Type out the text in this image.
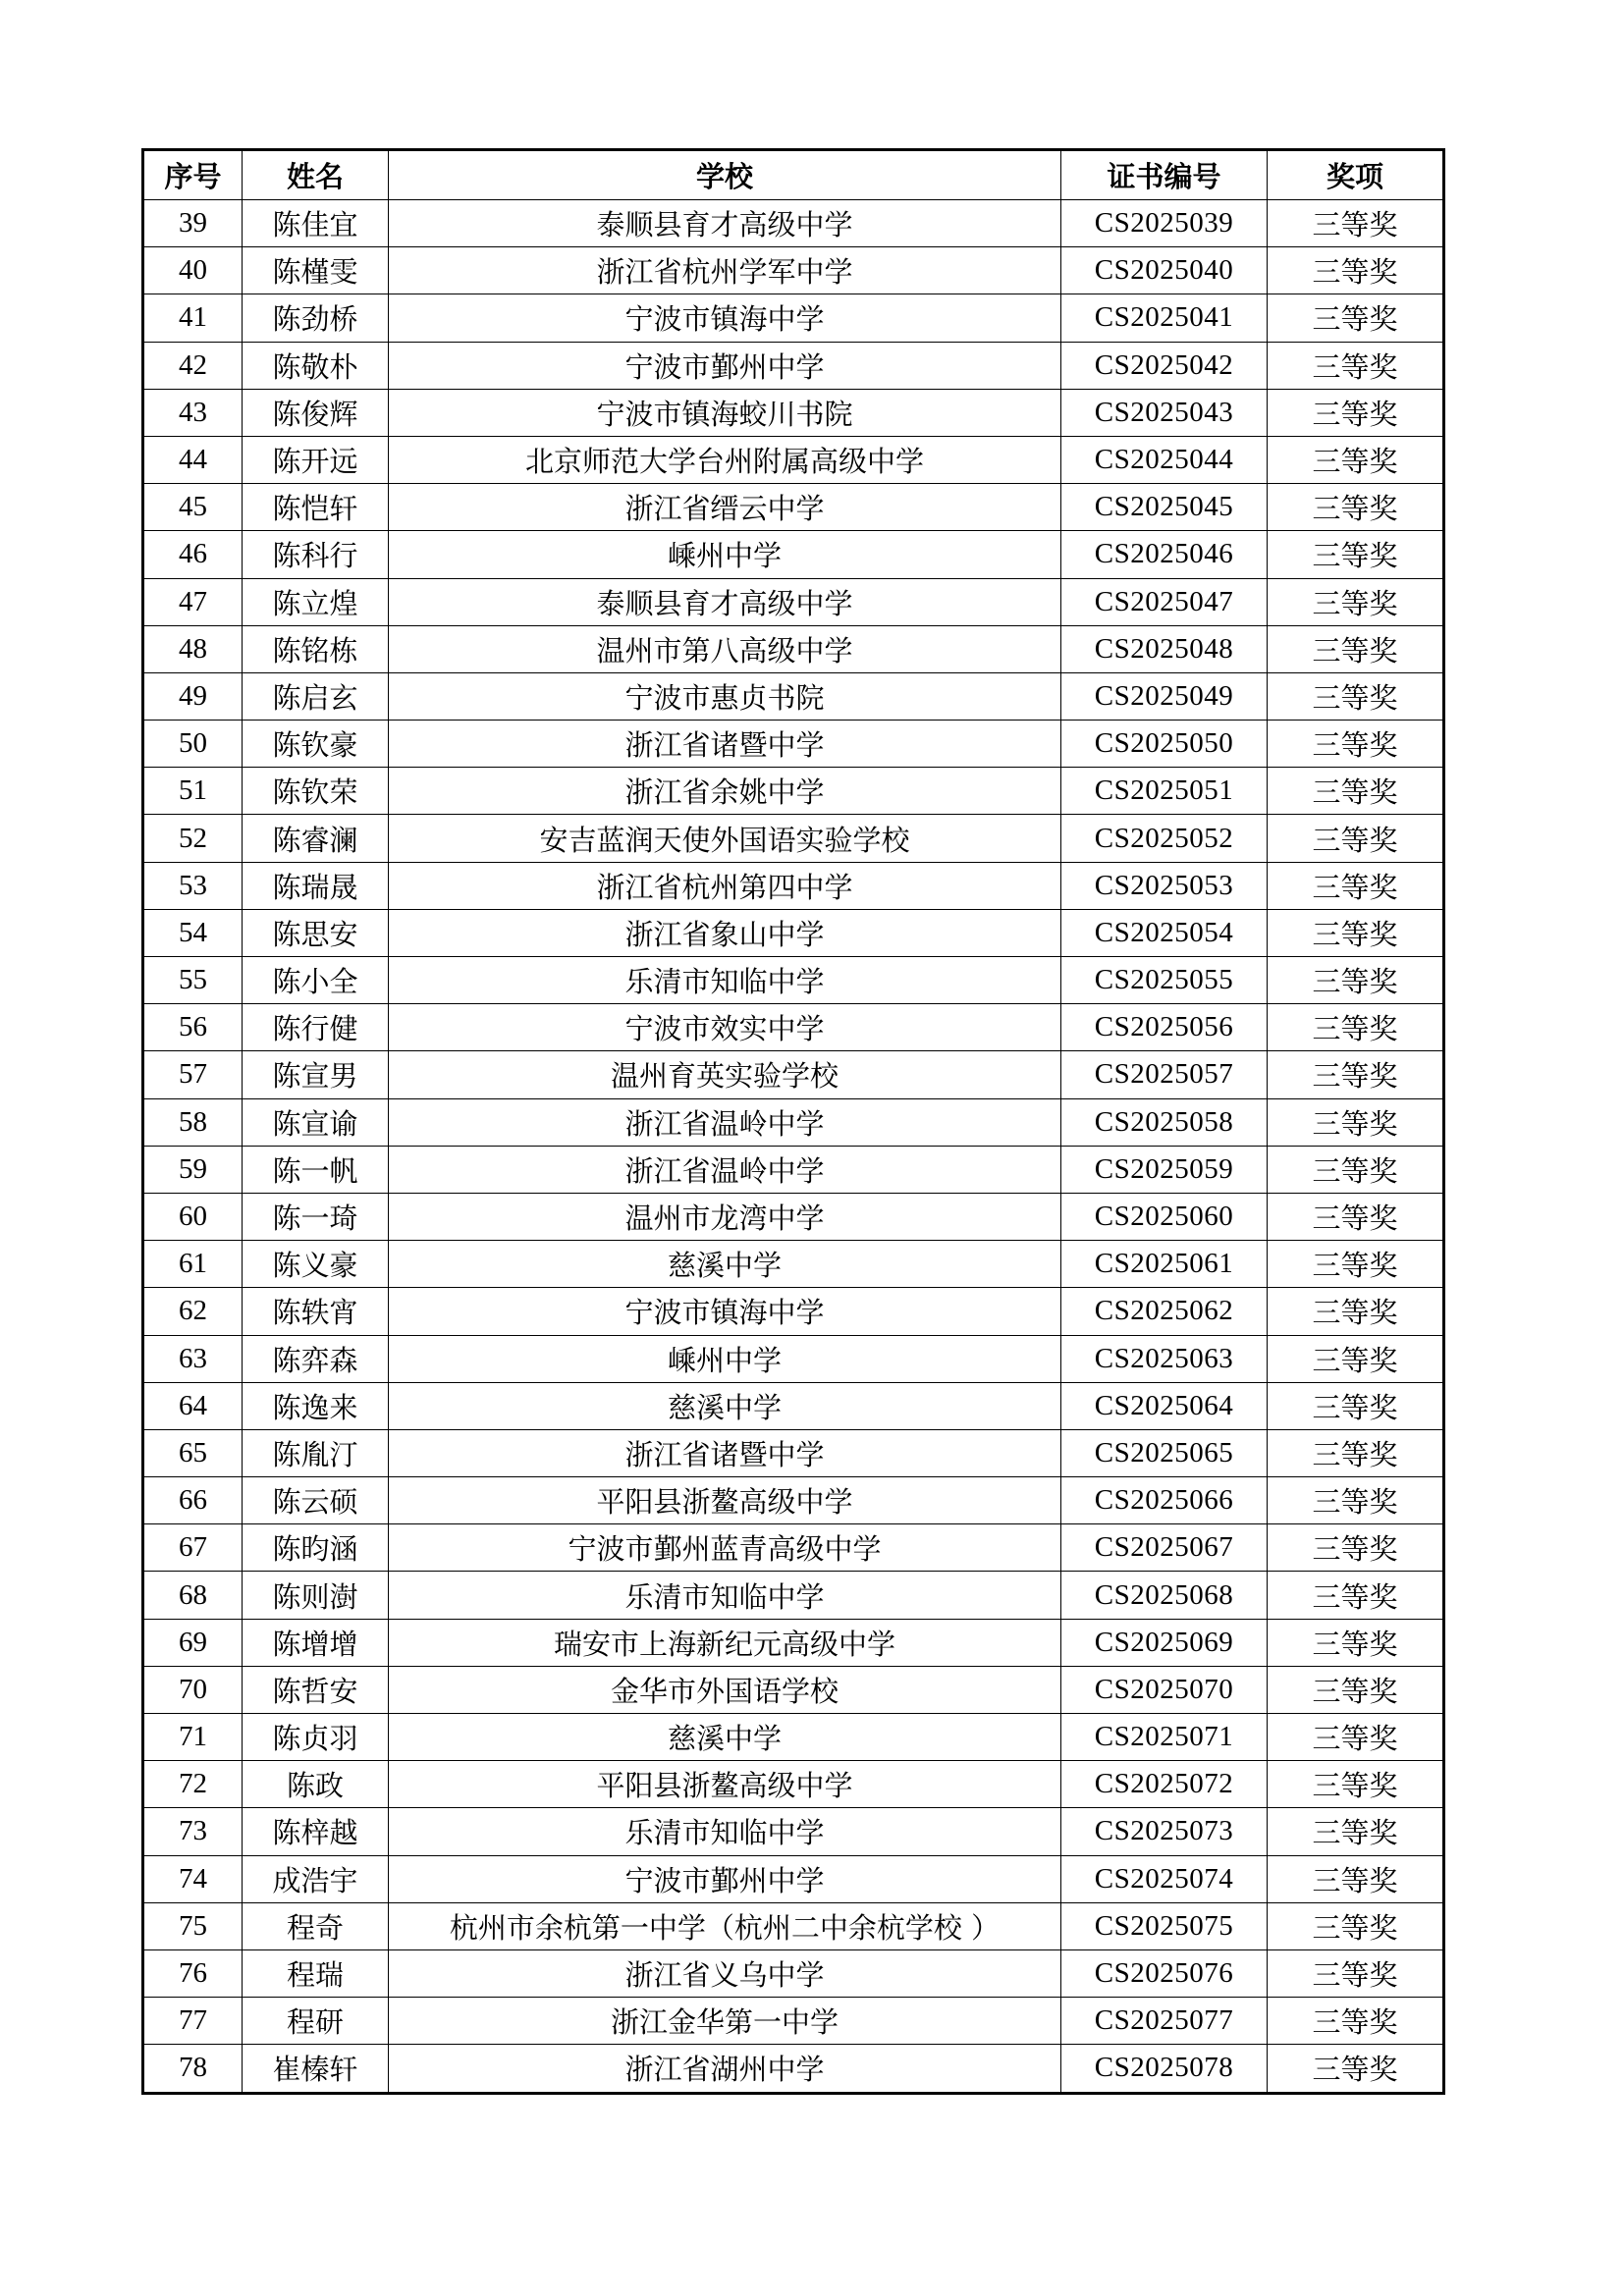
序号	姓名	学校	证书编号	奖项
39	陈佳宜	泰顺县育才高级中学	CS2025039	三等奖
40	陈槿雯	浙江省杭州学军中学	CS2025040	三等奖
41	陈劲桥	宁波市镇海中学	CS2025041	三等奖
42	陈敬朴	宁波市鄞州中学	CS2025042	三等奖
43	陈俊辉	宁波市镇海蛟川书院	CS2025043	三等奖
44	陈开远	北京师范大学台州附属高级中学	CS2025044	三等奖
45	陈恺轩	浙江省缙云中学	CS2025045	三等奖
46	陈科行	嵊州中学	CS2025046	三等奖
47	陈立煌	泰顺县育才高级中学	CS2025047	三等奖
48	陈铭栋	温州市第八高级中学	CS2025048	三等奖
49	陈启玄	宁波市惠贞书院	CS2025049	三等奖
50	陈钦豪	浙江省诸暨中学	CS2025050	三等奖
51	陈钦荣	浙江省余姚中学	CS2025051	三等奖
52	陈睿澜	安吉蓝润天使外国语实验学校	CS2025052	三等奖
53	陈瑞晟	浙江省杭州第四中学	CS2025053	三等奖
54	陈思安	浙江省象山中学	CS2025054	三等奖
55	陈小全	乐清市知临中学	CS2025055	三等奖
56	陈行健	宁波市效实中学	CS2025056	三等奖
57	陈宣男	温州育英实验学校	CS2025057	三等奖
58	陈宣谕	浙江省温岭中学	CS2025058	三等奖
59	陈一帆	浙江省温岭中学	CS2025059	三等奖
60	陈一琦	温州市龙湾中学	CS2025060	三等奖
61	陈义豪	慈溪中学	CS2025061	三等奖
62	陈轶宵	宁波市镇海中学	CS2025062	三等奖
63	陈弈森	嵊州中学	CS2025063	三等奖
64	陈逸来	慈溪中学	CS2025064	三等奖
65	陈胤汀	浙江省诸暨中学	CS2025065	三等奖
66	陈云硕	平阳县浙鳌高级中学	CS2025066	三等奖
67	陈昀涵	宁波市鄞州蓝青高级中学	CS2025067	三等奖
68	陈则澍	乐清市知临中学	CS2025068	三等奖
69	陈增增	瑞安市上海新纪元高级中学	CS2025069	三等奖
70	陈哲安	金华市外国语学校	CS2025070	三等奖
71	陈贞羽	慈溪中学	CS2025071	三等奖
72	陈政	平阳县浙鳌高级中学	CS2025072	三等奖
73	陈梓越	乐清市知临中学	CS2025073	三等奖
74	成浩宇	宁波市鄞州中学	CS2025074	三等奖
75	程奇	杭州市余杭第一中学（杭州二中余杭学校 ）	CS2025075	三等奖
76	程瑞	浙江省义乌中学	CS2025076	三等奖
77	程研	浙江金华第一中学	CS2025077	三等奖
78	崔榛轩	浙江省湖州中学	CS2025078	三等奖
